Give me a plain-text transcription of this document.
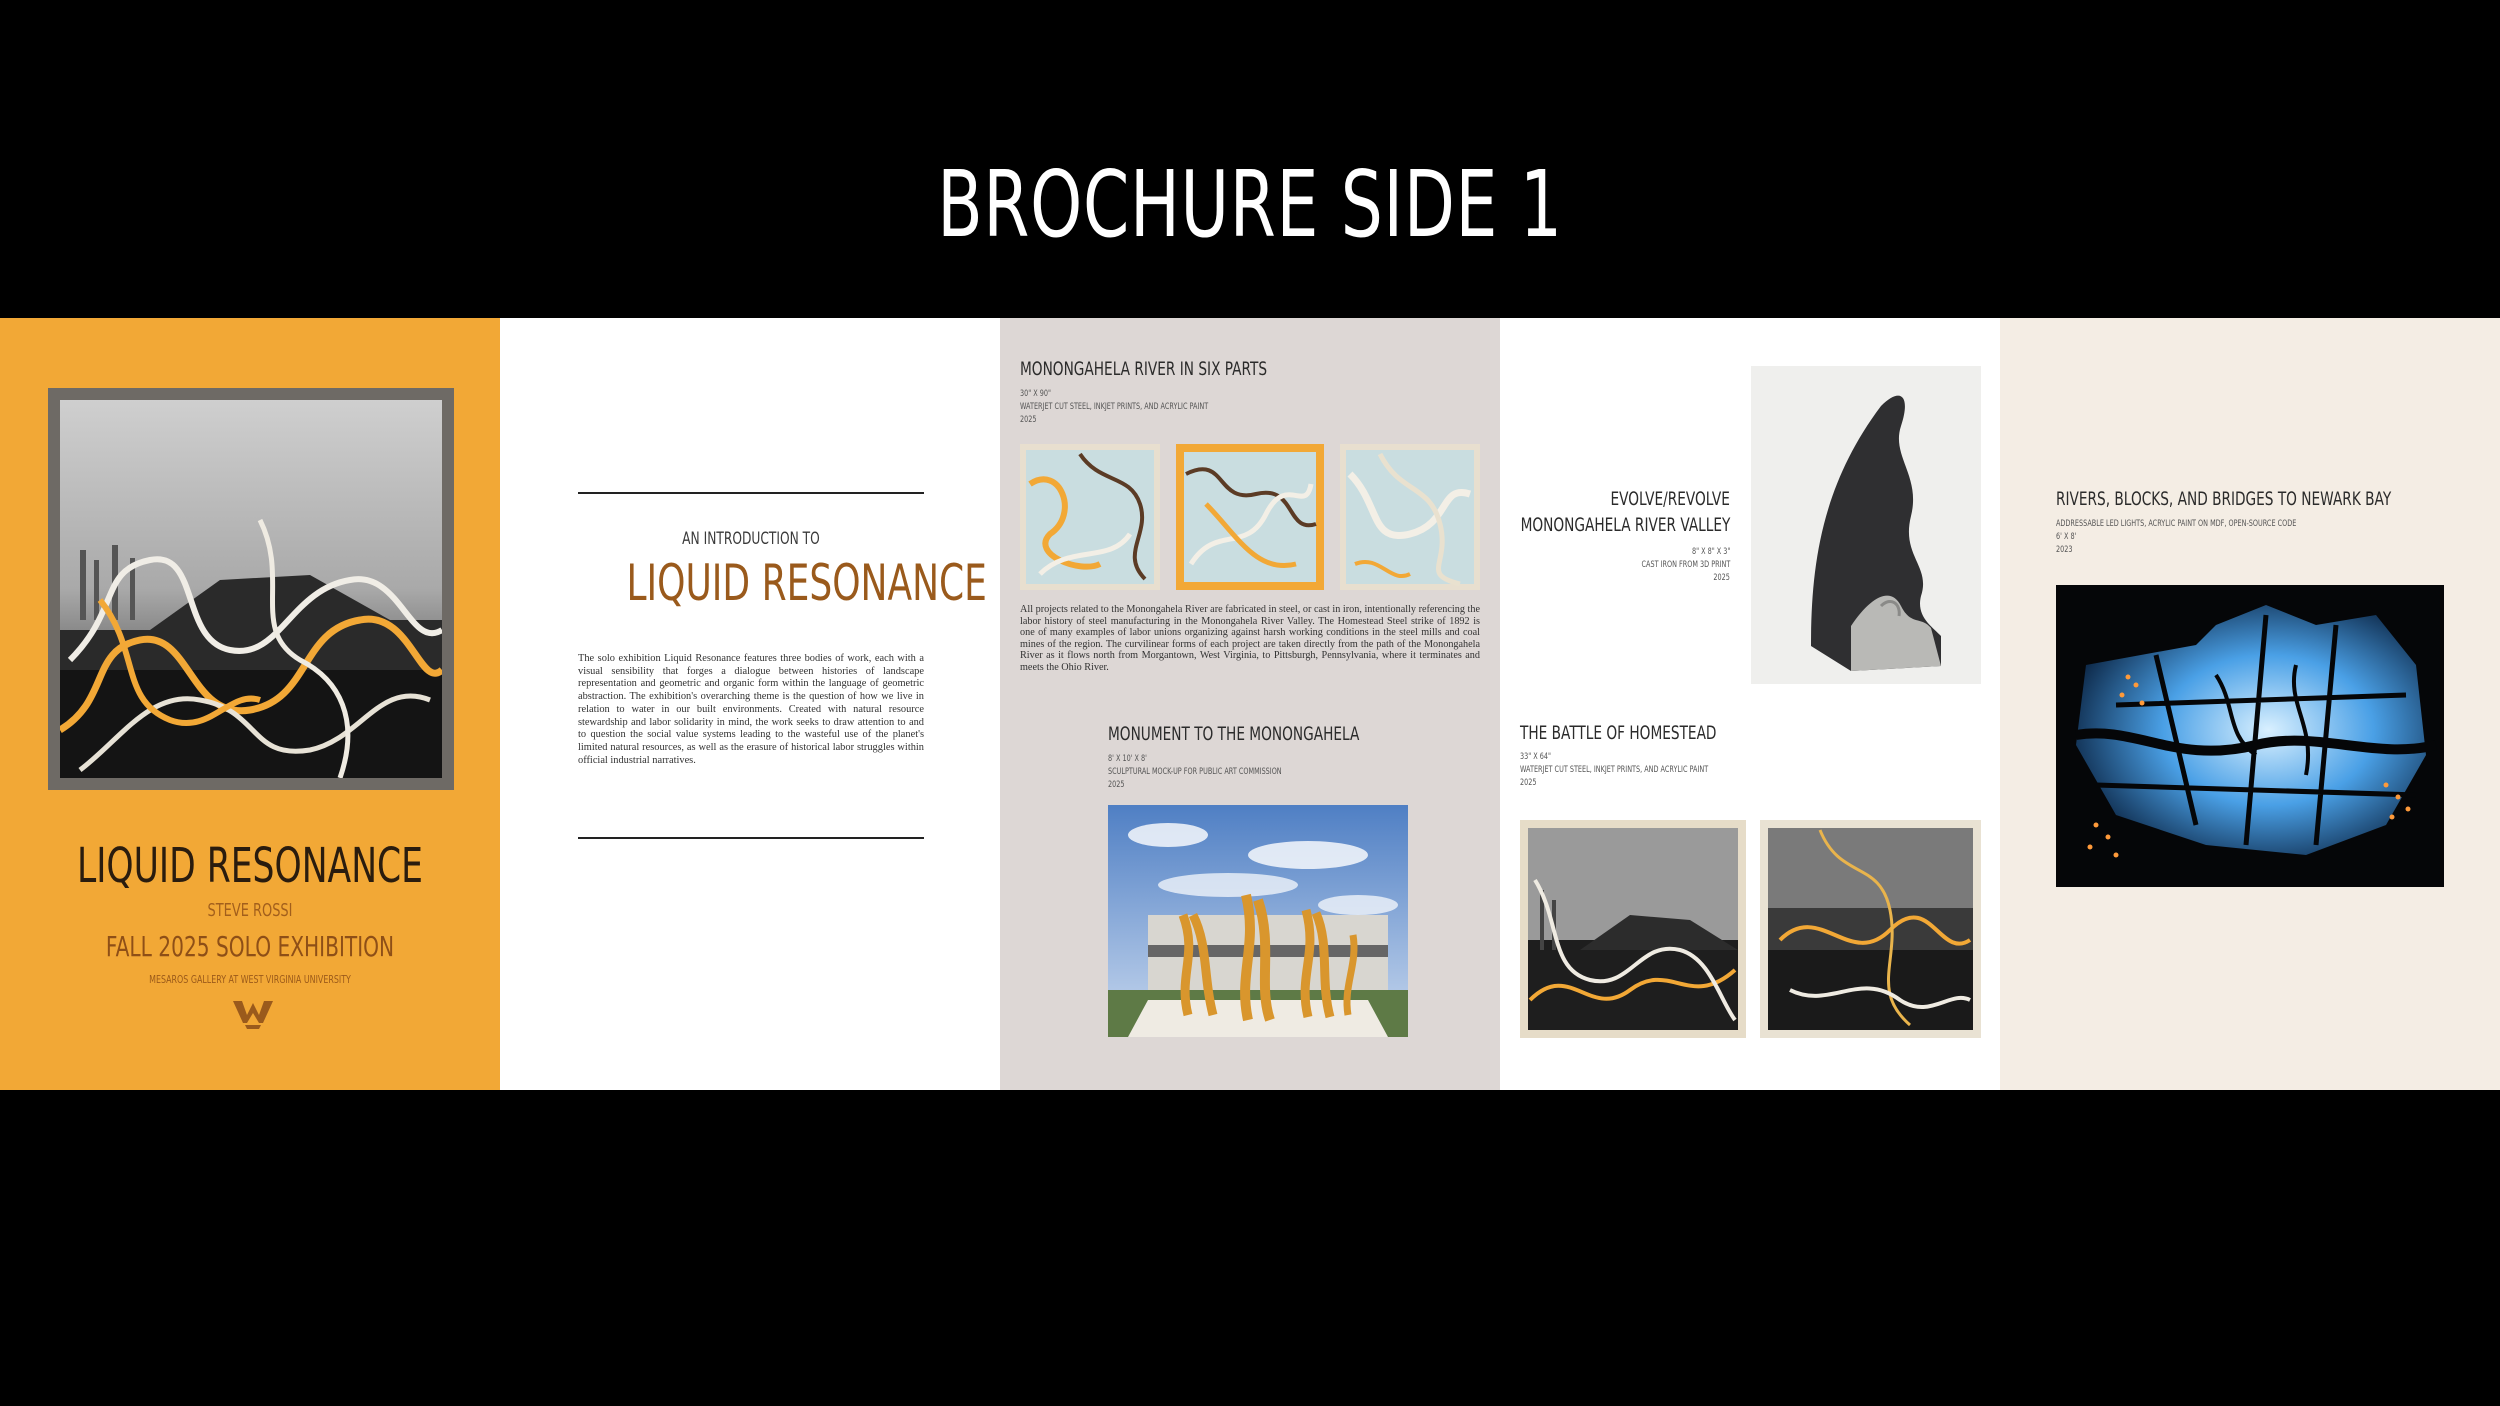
BROCHURE SIDE 1
LIQUID RESONANCE
STEVE ROSSI
FALL 2025 SOLO EXHIBITION
MESAROS GALLERY AT WEST VIRGINIA UNIVERSITY
AN INTRODUCTION TO
LIQUID RESONANCE
The solo exhibition Liquid Resonance features three bodies of work, each with a visual sensibility that forges a dialogue between histories of landscape representation and geometric and organic form within the language of geometric abstraction. The exhibition's overarching theme is the question of how we live in relation to water in our built environments. Created with natural resource stewardship and labor solidarity in mind, the work seeks to draw attention to and to question the social value systems leading to the wasteful use of the planet's limited natural resources, as well as the erasure of historical labor struggles within official industrial narratives.
MONONGAHELA RIVER IN SIX PARTS
30" X 90"
WATERJET CUT STEEL, INKJET PRINTS, AND ACRYLIC PAINT
2025
All projects related to the Monongahela River are fabricated in steel, or cast in iron, intentionally referencing the labor history of steel manufacturing in the Monongahela River Valley. The Homestead Steel strike of 1892 is one of many examples of labor unions organizing against harsh working conditions in the steel mills and coal mines of the region. The curvilinear forms of each project are taken directly from the path of the Monongahela River as it flows north from Morgantown, West Virginia, to Pittsburgh, Pennsylvania, where it terminates and meets the Ohio River.
MONUMENT TO THE MONONGAHELA
8' X 10' X 8'
SCULPTURAL MOCK-UP FOR PUBLIC ART COMMISSION
2025
EVOLVE/REVOLVE
MONONGAHELA RIVER VALLEY
8" X 8" X 3"
CAST IRON FROM 3D PRINT
2025
THE BATTLE OF HOMESTEAD
33" X 64"
WATERJET CUT STEEL, INKJET PRINTS, AND ACRYLIC PAINT
2025
RIVERS, BLOCKS, AND BRIDGES TO NEWARK BAY
ADDRESSABLE LED LIGHTS, ACRYLIC PAINT ON MDF, OPEN-SOURCE CODE
6' X 8'
2023
